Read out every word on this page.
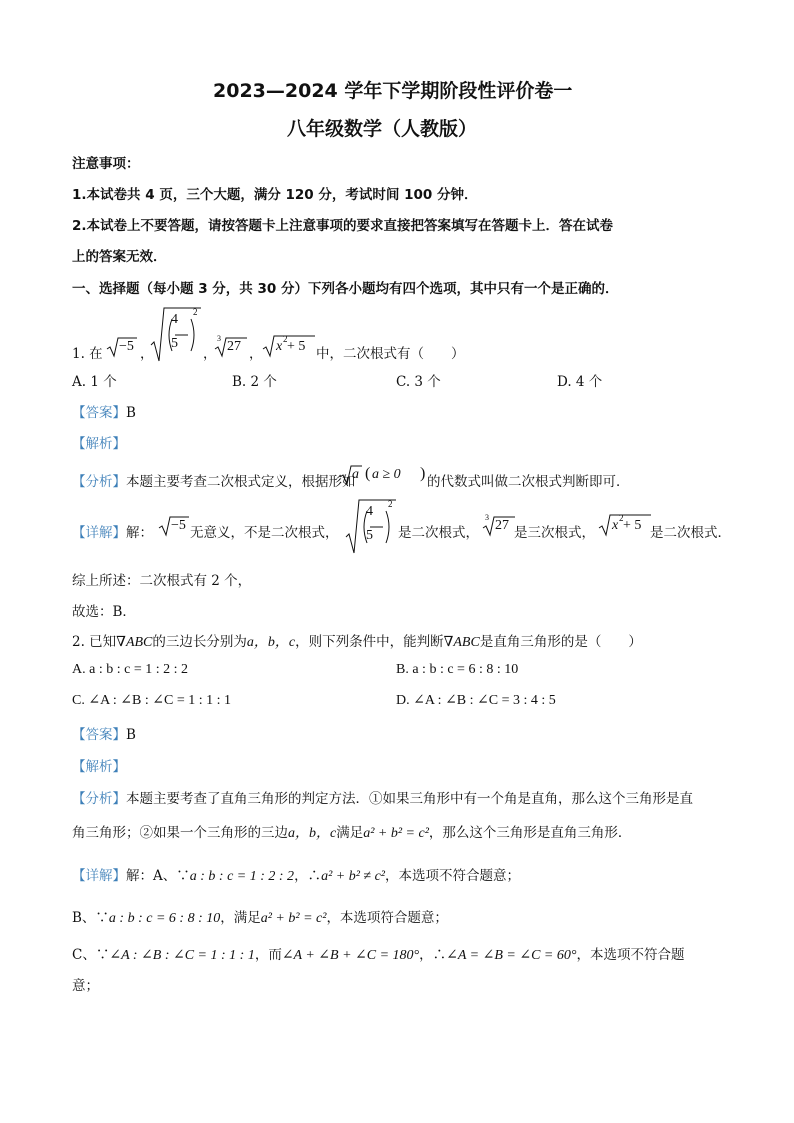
2023—2024 学年下学期阶段性评价卷一
八年级数学（人教版）
注意事项：
1.本试卷共 4 页，三个大题，满分 120 分，考试时间 100 分钟．
2.本试卷上不要答题，请按答题卡上注意事项的要求直接把答案填写在答题卡上．答在试卷
上的答案无效．
一、选择题（每小题 3 分，共 30 分）下列各小题均有四个选项，其中只有一个是正确的．
1. 在 −5 ，
4
5
2
，
3
27 ， x 2 + 5 中，二次根式有（　　）
A. 1 个	B. 2 个	C. 3 个	D. 4 个
【答案】B
【解析】
【分析】本题主要考查二次根式定义，根据形如
a ( a ≥ 0 ) 的代数式叫做二次根式判断即可．
【详解】解： −5 无意义，不是二次根式，
4
5
2
是二次根式，
3
27 是三次根式， x 2 + 5 是二次根式．
综上所述：二次根式有 2 个，
故选：B．
2. 已知∇ABC的三边长分别为a，b，c，则下列条件中，能判断∇ABC是直角三角形的是（　　）
A. a : b : c = 1 : 2 : 2	B. a : b : c = 6 : 8 : 10
C. ∠A : ∠B : ∠C = 1 : 1 : 1	D. ∠A : ∠B : ∠C = 3 : 4 : 5
【答案】B
【解析】
【分析】本题主要考查了直角三角形的判定方法．①如果三角形中有一个角是直角，那么这个三角形是直
角三角形；②如果一个三角形的三边a，b，c满足a² + b² = c²，那么这个三角形是直角三角形．
【详解】解：A、∵a : b : c = 1 : 2 : 2，∴a² + b² ≠ c²，本选项不符合题意；
B、∵a : b : c = 6 : 8 : 10，满足a² + b² = c²，本选项符合题意；
C、∵∠A : ∠B : ∠C = 1 : 1 : 1，而∠A + ∠B + ∠C = 180°，∴∠A = ∠B = ∠C = 60°，本选项不符合题
意；
